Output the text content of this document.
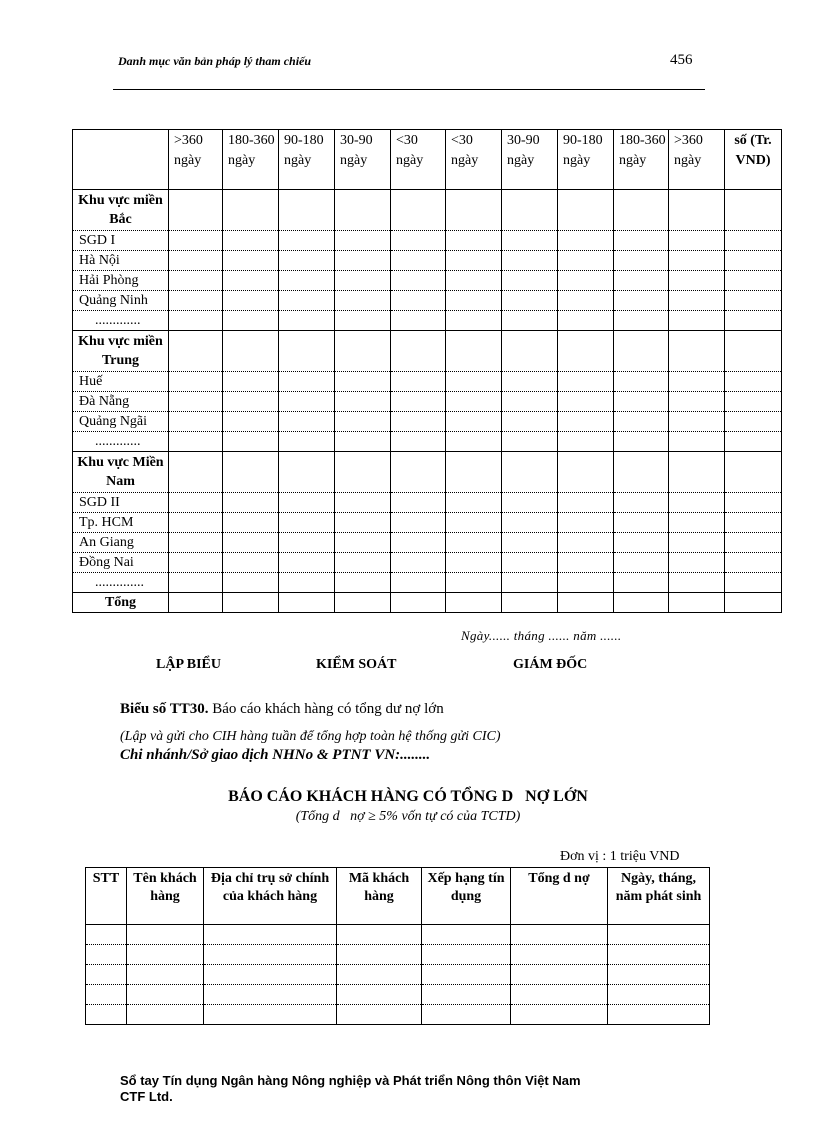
Danh mục văn bản pháp lý tham chiếu	456
	>360 ngày	180-360 ngày	90-180 ngày	30-90 ngày	<30 ngày	<30 ngày	30-90 ngày	90-180 ngày	180-360 ngày	>360 ngày	số (Tr. VND)
Khu vực miền Bắc											
SGD I											
Hà Nội											
Hải Phòng											
Quảng Ninh											
.............											
Khu vực miền Trung											
Huế											
Đà Nẵng											
Quảng Ngãi											
.............											
Khu vực Miền Nam											
SGD II											
Tp. HCM											
An Giang											
Đồng Nai											
..............											
Tổng											
Ngày...... tháng ...... năm ......
LẬP BIỂU	KIỂM SOÁT	GIÁM ĐỐC
Biểu số TT30. Báo cáo khách hàng có tổng dư nợ lớn
(Lập và gửi cho CIH hàng tuần để tổng hợp toàn hệ thống gửi CIC)
Chi nhánh/Sở giao dịch NHNo & PTNT VN:........
BÁO CÁO KHÁCH HÀNG CÓ TỔNG D   NỢ LỚN
(Tổng d   nợ ≥ 5% vốn tự có của TCTD)
Đơn vị : 1 triệu VND
STT	Tên khách hàng	Địa chỉ trụ sở chính của khách hàng	Mã khách hàng	Xếp hạng tín dụng	Tổng d nợ	Ngày, tháng, năm phát sinh

Sổ tay Tín dụng Ngân hàng Nông nghiệp và Phát triển Nông thôn Việt Nam
CTF Ltd.
